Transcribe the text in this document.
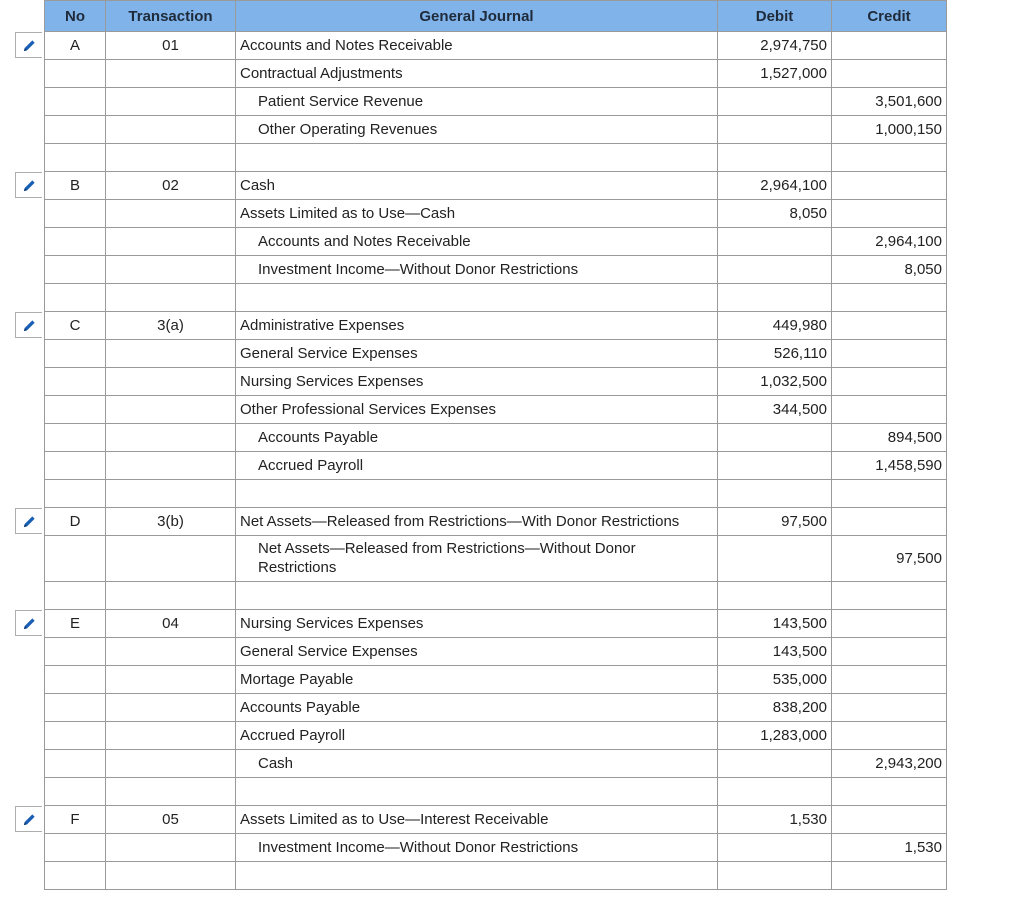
No	Transaction	General Journal	Debit	Credit
A	01	Accounts and Notes Receivable	2,974,750	
		Contractual Adjustments	1,527,000	
		Patient Service Revenue		3,501,600
		Other Operating Revenues		1,000,150

B	02	Cash	2,964,100	
		Assets Limited as to Use—Cash	8,050	
		Accounts and Notes Receivable		2,964,100
		Investment Income—Without Donor Restrictions		8,050

C	3(a)	Administrative Expenses	449,980	
		General Service Expenses	526,110	
		Nursing Services Expenses	1,032,500	
		Other Professional Services Expenses	344,500	
		Accounts Payable		894,500
		Accrued Payroll		1,458,590

D	3(b)	Net Assets—Released from Restrictions—With Donor Restrictions	97,500	
		Net Assets—Released from Restrictions—Without Donor Restrictions		97,500

E	04	Nursing Services Expenses	143,500	
		General Service Expenses	143,500	
		Mortage Payable	535,000	
		Accounts Payable	838,200	
		Accrued Payroll	1,283,000	
		Cash		2,943,200

F	05	Assets Limited as to Use—Interest Receivable	1,530	
		Investment Income—Without Donor Restrictions		1,530
